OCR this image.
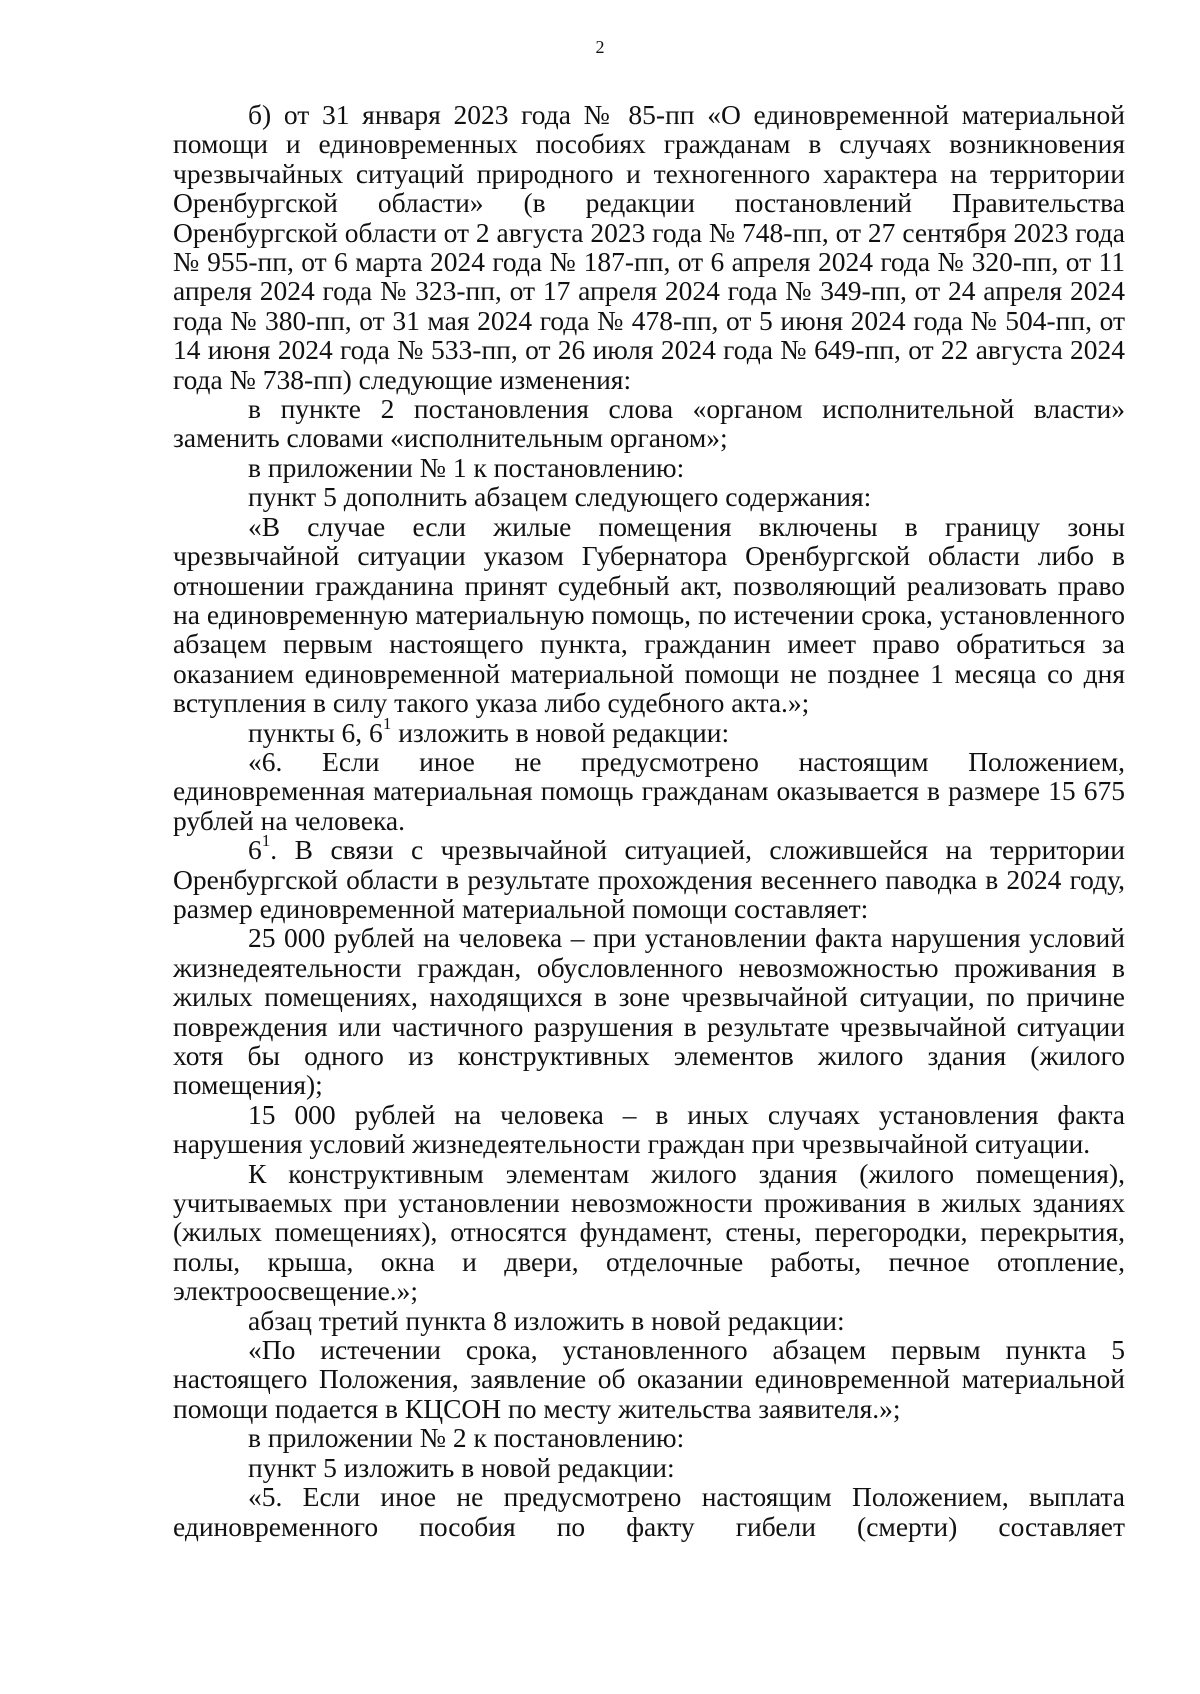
2

б) от 31 января 2023 года № 85-пп «О единовременной материальной помощи и единовременных пособиях гражданам в случаях возникновения чрезвычайных ситуаций природного и техногенного характера на территории Оренбургской области» (в редакции постановлений Правительства Оренбургской области от 2 августа 2023 года № 748-пп, от 27 сентября 2023 года № 955-пп, от 6 марта 2024 года № 187-пп, от 6 апреля 2024 года № 320-пп, от 11 апреля 2024 года № 323-пп, от 17 апреля 2024 года № 349-пп, от 24 апреля 2024 года № 380-пп, от 31 мая 2024 года № 478-пп, от 5 июня 2024 года № 504-пп, от 14 июня 2024 года № 533-пп, от 26 июля 2024 года № 649-пп, от 22 августа 2024 года № 738-пп) следующие изменения:

в пункте 2 постановления слова «органом исполнительной власти» заменить словами «исполнительным органом»;

в приложении № 1 к постановлению:

пункт 5 дополнить абзацем следующего содержания:

«В случае если жилые помещения включены в границу зоны чрезвычайной ситуации указом Губернатора Оренбургской области либо в отношении гражданина принят судебный акт, позволяющий реализовать право на единовременную материальную помощь, по истечении срока, установленного абзацем первым настоящего пункта, гражданин имеет право обратиться за оказанием единовременной материальной помощи не позднее 1 месяца со дня вступления в силу такого указа либо судебного акта.»;

пункты 6, $6^1$ изложить в новой редакции:

«6. Если иное не предусмотрено настоящим Положением, единовременная материальная помощь гражданам оказывается в размере 15 675 рублей на человека.

$6^1$. В связи с чрезвычайной ситуацией, сложившейся на территории Оренбургской области в результате прохождения весеннего паводка в 2024 году, размер единовременной материальной помощи составляет:

25 000 рублей на человека – при установлении факта нарушения условий жизнедеятельности граждан, обусловленного невозможностью проживания в жилых помещениях, находящихся в зоне чрезвычайной ситуации, по причине повреждения или частичного разрушения в результате чрезвычайной ситуации хотя бы одного из конструктивных элементов жилого здания (жилого помещения);

15 000 рублей на человека – в иных случаях установления факта нарушения условий жизнедеятельности граждан при чрезвычайной ситуации.

К конструктивным элементам жилого здания (жилого помещения), учитываемых при установлении невозможности проживания в жилых зданиях (жилых помещениях), относятся фундамент, стены, перегородки, перекрытия, полы, крыша, окна и двери, отделочные работы, печное отопление, электроосвещение.»;

абзац третий пункта 8 изложить в новой редакции:

«По истечении срока, установленного абзацем первым пункта 5 настоящего Положения, заявление об оказании единовременной материальной помощи подается в КЦСОН по месту жительства заявителя.»;

в приложении № 2 к постановлению:

пункт 5 изложить в новой редакции:

«5. Если иное не предусмотрено настоящим Положением, выплата единовременного пособия по факту гибели (смерти) составляет
